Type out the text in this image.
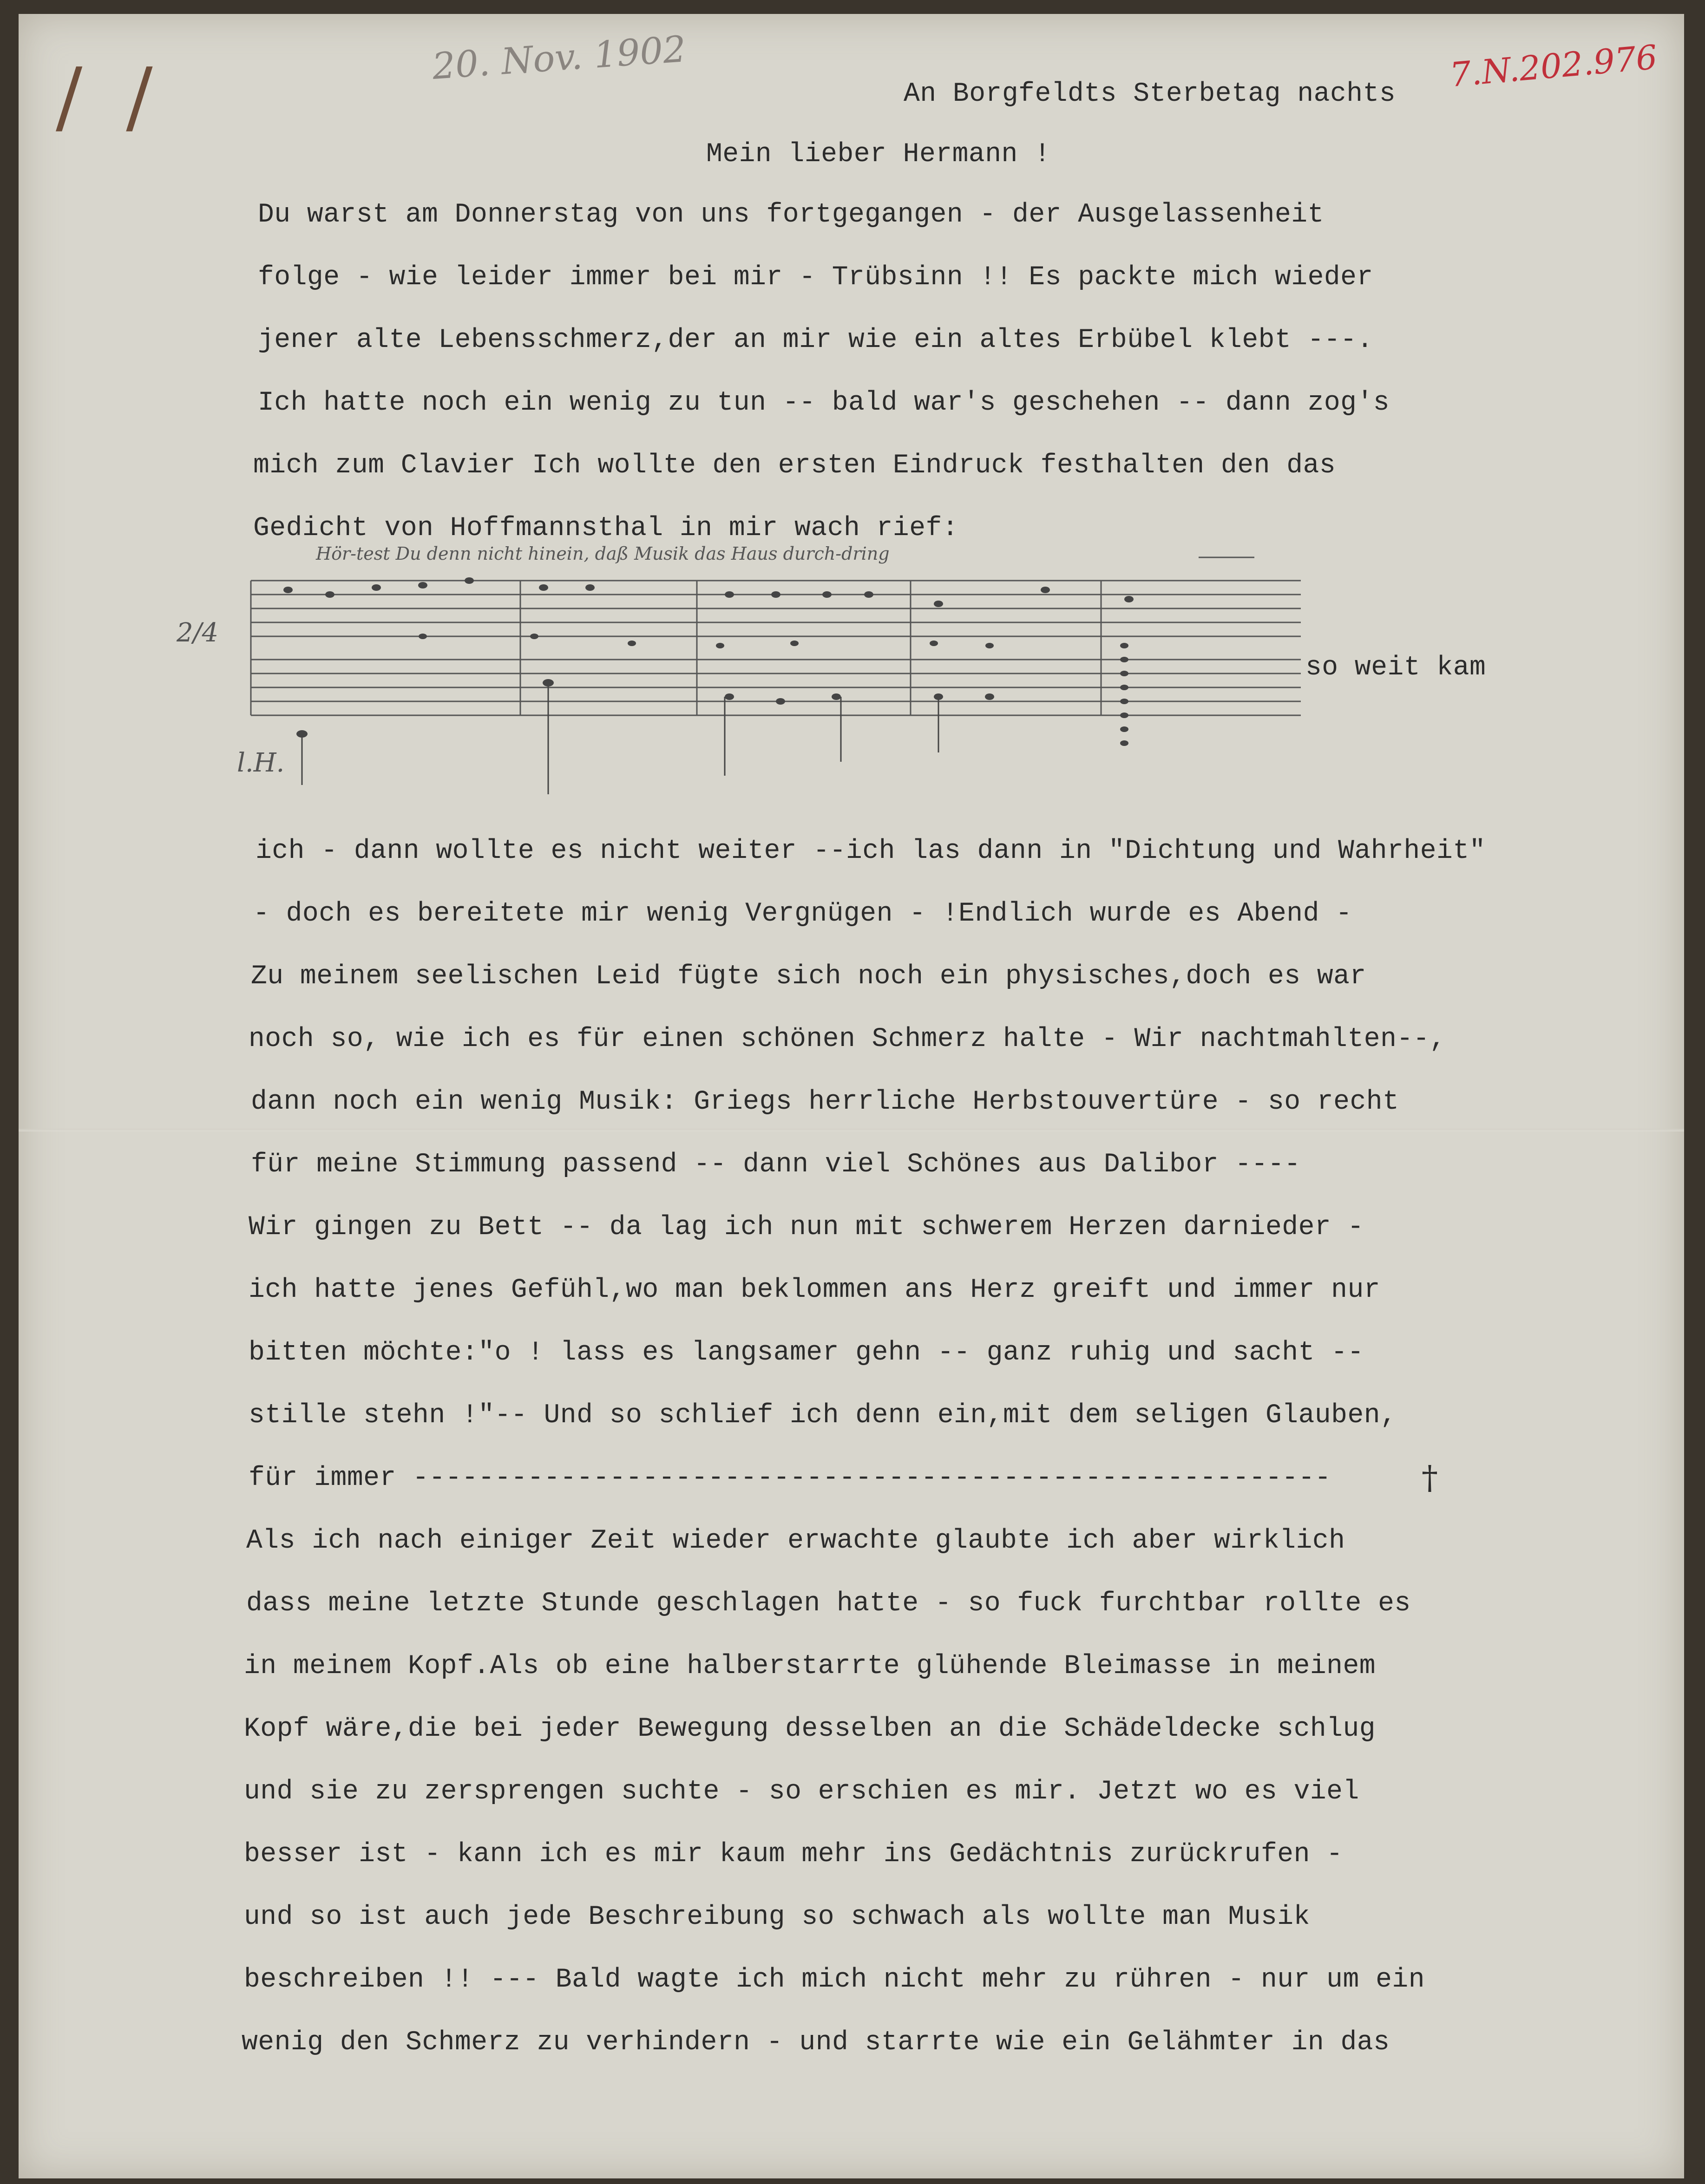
/ /	20. Nov. 1902	7.N.202.976
An Borgfeldts Sterbetag nachts
Mein lieber Hermann !
Du warst am Donnerstag von uns fortgegangen - der Ausgelassenheit
folge - wie leider immer bei mir - Trübsinn !! Es packte mich wieder
jener alte Lebensschmerz,der an mir wie ein altes Erbübel klebt ---.
Ich hatte noch ein wenig zu tun -- bald war's geschehen -- dann zog's
mich zum Clavier Ich wollte den ersten Eindruck festhalten den das
Gedicht von Hoffmannsthal in mir wach rief:
Hör-test Du denn nicht hinein, daß Musik das Haus durch-dring
2/4
l.H.
so weit kam
ich - dann wollte es nicht weiter --ich las dann in "Dichtung und Wahrheit"
- doch es bereitete mir wenig Vergnügen - !Endlich wurde es Abend -
Zu meinem seelischen Leid fügte sich noch ein physisches,doch es war
noch so, wie ich es für einen schönen Schmerz halte - Wir nachtmahlten--,
dann noch ein wenig Musik: Griegs herrliche Herbstouvertüre - so recht
für meine Stimmung passend -- dann viel Schönes aus Dalibor ----
Wir gingen zu Bett -- da lag ich nun mit schwerem Herzen darnieder -
ich hatte jenes Gefühl,wo man beklommen ans Herz greift und immer nur
bitten möchte:"o ! lass es langsamer gehn -- ganz ruhig und sacht --
stille stehn !"-- Und so schlief ich denn ein,mit dem seligen Glauben,
für immer --------------------------------------------------------
Als ich nach einiger Zeit wieder erwachte glaubte ich aber wirklich
dass meine letzte Stunde geschlagen hatte - so fuck furchtbar rollte es
in meinem Kopf.Als ob eine halberstarrte glühende Bleimasse in meinem
Kopf wäre,die bei jeder Bewegung desselben an die Schädeldecke schlug
und sie zu zersprengen suchte - so erschien es mir. Jetzt wo es viel
besser ist - kann ich es mir kaum mehr ins Gedächtnis zurückrufen -
und so ist auch jede Beschreibung so schwach als wollte man Musik
beschreiben !! --- Bald wagte ich mich nicht mehr zu rühren - nur um ein
wenig den Schmerz zu verhindern - und starrte wie ein Gelähmter in das
†
